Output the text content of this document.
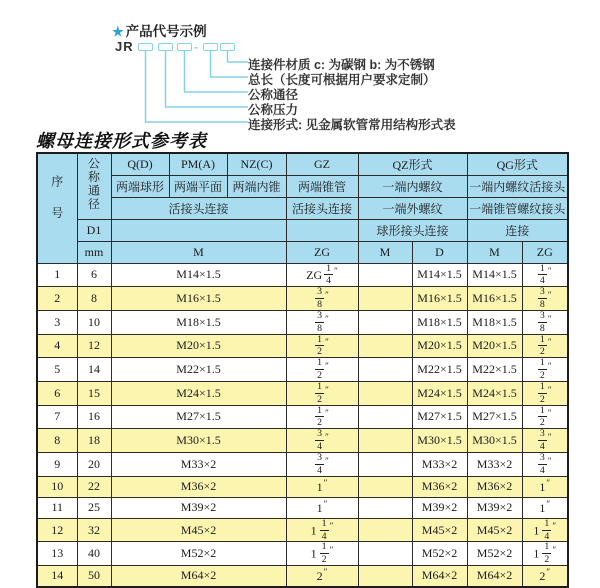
★ 产品代号示例
JR	-
连接件材质 c: 为碳钢 b: 为不锈钢
总长（长度可根据用户要求定制）
公称通径
公称压力
连接形式: 见金属软管常用结构形式表
螺母连接形式参考表
序号	公称通径	Q(D)	PM(A)	NZ(C)	GZ	QZ形式		QG形式	
		两端球形	两端平面	两端内锥	两端锥管	一端内螺纹		一端内螺纹活接头	
		活接头连接			活接头连接	一端外螺纹		一端锥管螺纹接头	
	D1					球形接头连接		连接	
	mm	M			ZG	M	D	M	ZG
1	6	M14×1.5			ZG $\frac{1}{4} ''$		M14×1.5	M14×1.5	$\frac{1}{4} ''$
2	8	M16×1.5			$\frac{3}{8} ''$		M16×1.5	M16×1.5	$\frac{3}{8} ''$
3	10	M18×1.5			$\frac{3}{8} ''$		M18×1.5	M18×1.5	$\frac{3}{8} ''$
4	12	M20×1.5			$\frac{1}{2} ''$		M20×1.5	M20×1.5	$\frac{1}{2} ''$
5	14	M22×1.5			$\frac{1}{2} ''$		M22×1.5	M22×1.5	$\frac{1}{2} ''$
6	15	M24×1.5			$\frac{1}{2} ''$		M24×1.5	M24×1.5	$\frac{1}{2} ''$
7	16	M27×1.5			$\frac{1}{2} ''$		M27×1.5	M27×1.5	$\frac{1}{2} ''$
8	18	M30×1.5			$\frac{3}{4} ''$		M30×1.5	M30×1.5	$\frac{3}{4} ''$
9	20	M33×2			$\frac{3}{4} ''$		M33×2	M33×2	$\frac{3}{4} ''$
10	22	M36×2			1″		M36×2	M36×2	1″
11	25	M39×2			1″		M39×2	M39×2	1″
12	32	M45×2			$1 \frac{1}{4} ''$		M45×2	M45×2	$1 \frac{1}{4} ''$
13	40	M52×2			$1 \frac{1}{2} ''$		M52×2	M52×2	$1 \frac{1}{2} ''$
14	50	M64×2			2″		M64×2	M64×2	2″
